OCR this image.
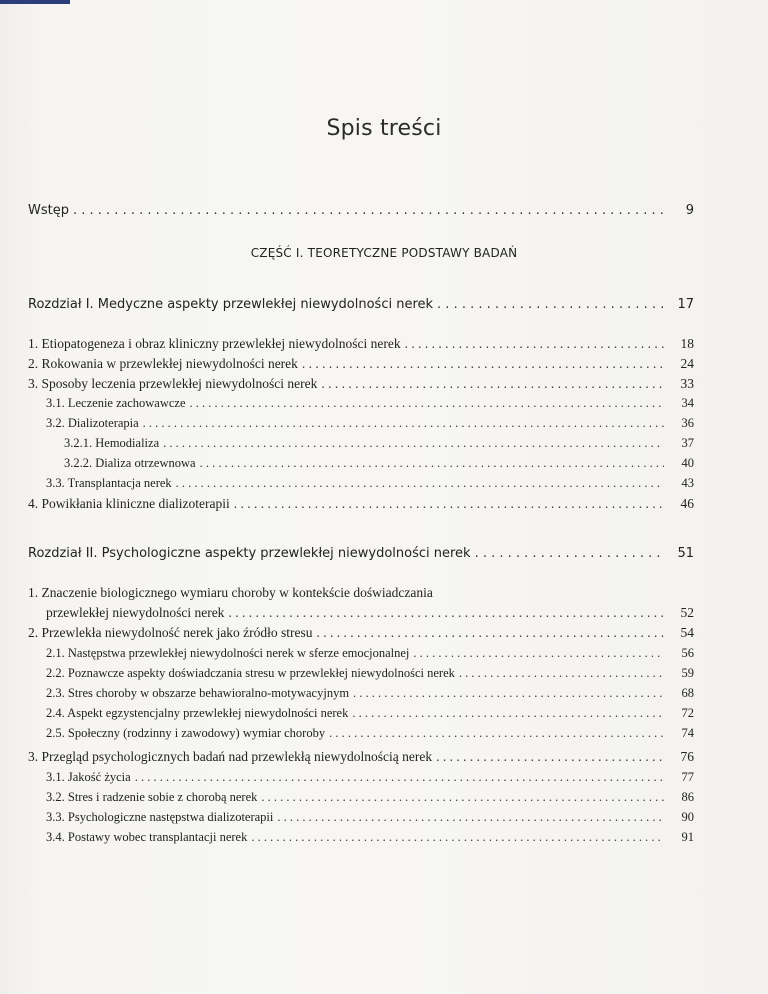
Spis treści
Wstęp . . .	9
CZĘŚĆ I. TEORETYCZNE PODSTAWY BADAŃ
Rozdział I. Medyczne aspekty przewlekłej niewydolności nerek . . .	17
1. Etiopatogeneza i obraz kliniczny przewlekłej niewydolności nerek . . .	18
2. Rokowania w przewlekłej niewydolności nerek . . .	24
3. Sposoby leczenia przewlekłej niewydolności nerek . . .	33
3.1. Leczenie zachowawcze . . .	34
3.2. Dializoterapia . . .	36
3.2.1. Hemodializa . . .	37
3.2.2. Dializa otrzewnowa . . .	40
3.3. Transplantacja nerek . . .	43
4. Powikłania kliniczne dializoterapii . . .	46
Rozdział II. Psychologiczne aspekty przewlekłej niewydolności nerek . . .	51
1. Znaczenie biologicznego wymiaru choroby w kontekście doświadczania
przewlekłej niewydolności nerek . . .	52
2. Przewlekła niewydolność nerek jako źródło stresu . . .	54
2.1. Następstwa przewlekłej niewydolności nerek w sferze emocjonalnej . . .	56
2.2. Poznawcze aspekty doświadczania stresu w przewlekłej niewydolności nerek . . .	59
2.3. Stres choroby w obszarze behawioralno-motywacyjnym . . .	68
2.4. Aspekt egzystencjalny przewlekłej niewydolności nerek . . .	72
2.5. Społeczny (rodzinny i zawodowy) wymiar choroby . . .	74
3. Przegląd psychologicznych badań nad przewlekłą niewydolnością nerek . . .	76
3.1. Jakość życia . . .	77
3.2. Stres i radzenie sobie z chorobą nerek . . .	86
3.3. Psychologiczne następstwa dializoterapii . . .	90
3.4. Postawy wobec transplantacji nerek . . .	91
